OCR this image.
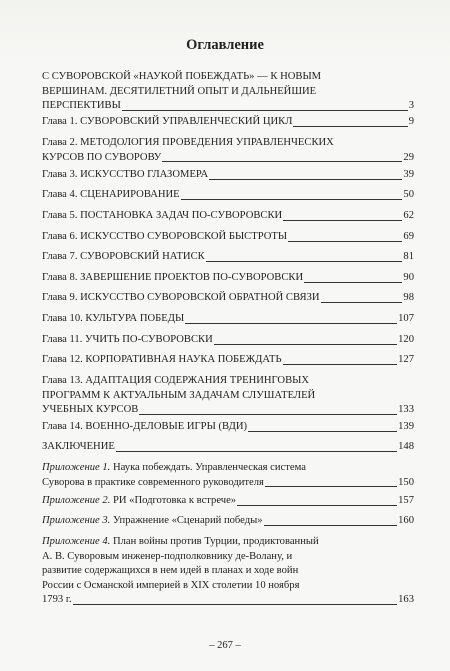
Оглавление
С СУВОРОВСКОЙ «НАУКОЙ ПОБЕЖДАТЬ» — К НОВЫМ
ВЕРШИНАМ. ДЕСЯТИЛЕТНИЙ ОПЫТ И ДАЛЬНЕЙШИЕ
ПЕРСПЕКТИВЫ	3
Глава 1. СУВОРОВСКИЙ УПРАВЛЕНЧЕСКИЙ ЦИКЛ	9
Глава 2. МЕТОДОЛОГИЯ ПРОВЕДЕНИЯ УПРАВЛЕНЧЕСКИХ
КУРСОВ ПО СУВОРОВУ	29
Глава 3. ИСКУССТВО ГЛАЗОМЕРА	39
Глава 4. СЦЕНАРИРОВАНИЕ	50
Глава 5. ПОСТАНОВКА ЗАДАЧ ПО-СУВОРОВСКИ	62
Глава 6. ИСКУССТВО СУВОРОВСКОЙ БЫСТРОТЫ	69
Глава 7. СУВОРОВСКИЙ НАТИСК	81
Глава 8. ЗАВЕРШЕНИЕ ПРОЕКТОВ ПО-СУВОРОВСКИ	90
Глава 9. ИСКУССТВО СУВОРОВСКОЙ ОБРАТНОЙ СВЯЗИ	98
Глава 10. КУЛЬТУРА ПОБЕДЫ	107
Глава 11. УЧИТЬ ПО-СУВОРОВСКИ	120
Глава 12. КОРПОРАТИВНАЯ НАУКА ПОБЕЖДАТЬ	127
Глава 13. АДАПТАЦИЯ СОДЕРЖАНИЯ ТРЕНИНГОВЫХ
ПРОГРАММ К АКТУАЛЬНЫМ ЗАДАЧАМ СЛУШАТЕЛЕЙ
УЧЕБНЫХ КУРСОВ	133
Глава 14. ВОЕННО-ДЕЛОВЫЕ ИГРЫ (ВДИ)	139
ЗАКЛЮЧЕНИЕ	148
Приложение 1. Наука побеждать. Управленческая система
Суворова в практике современного руководителя	150
Приложение 2. РИ «Подготовка к встрече»	157
Приложение 3. Упражнение «Сценарий победы»	160
Приложение 4. План войны против Турции, продиктованный
А. В. Суворовым инженер-подполковнику де-Волану, и
развитие содержащихся в нем идей в планах и ходе войн
России с Османской империей в XIX столетии 10 ноября
1793 г.	163
– 267 –
